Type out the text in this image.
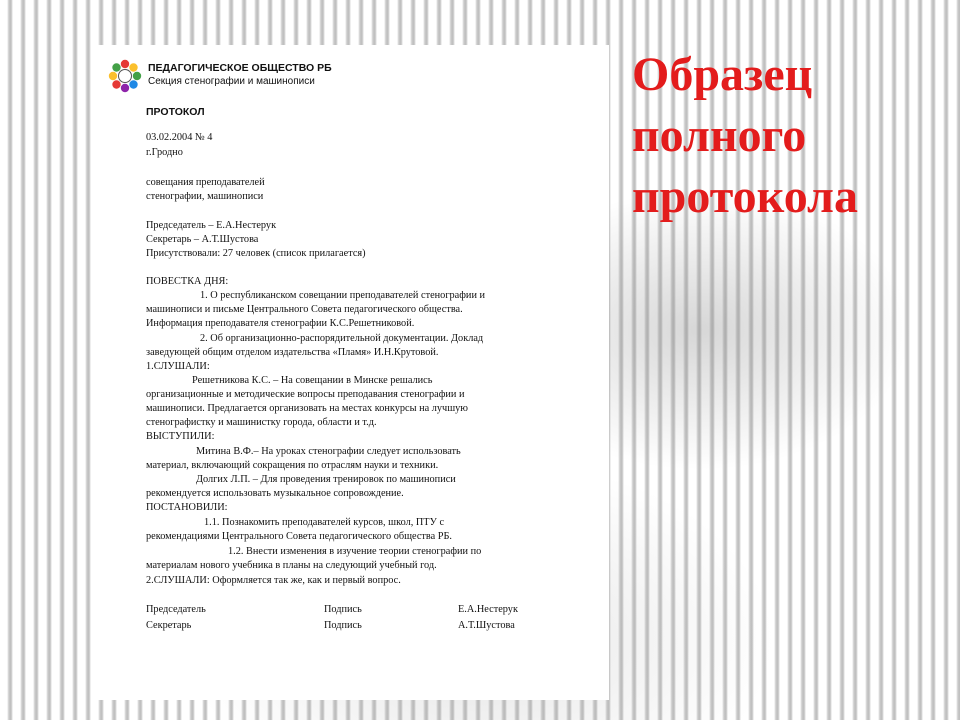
ПЕДАГОГИЧЕСКОЕ ОБЩЕСТВО РБ
Секция стенографии и машинописи
ПРОТОКОЛ
03.02.2004 № 4
г.Гродно
совещания преподавателей
стенографии, машинописи
Председатель – Е.А.Нестерук
Секретарь – А.Т.Шустова
Присутствовали: 27 человек (список прилагается)
ПОВЕСТКА ДНЯ:
1. О республиканском совещании преподавателей стенографии и
машинописи и письме Центрального Совета педагогического общества.
Информация преподавателя стенографии К.С.Решетниковой.
2. Об организационно-распорядительной документации. Доклад
заведующей общим отделом издательства «Пламя» И.Н.Крутовой.
1.СЛУШАЛИ:
Решетникова К.С. – На совещании в Минске решались
организационные и методические вопросы преподавания стенографии и
машинописи. Предлагается организовать на местах конкурсы на лучшую
стенографистку и машинистку города, области и т.д.
ВЫСТУПИЛИ:
Митина В.Ф.– На уроках стенографии следует использовать
материал, включающий сокращения по отраслям науки и техники.
Долгих Л.П. – Для проведения тренировок по машинописи
рекомендуется использовать музыкальное сопровождение.
ПОСТАНОВИЛИ:
1.1. Познакомить преподавателей курсов, школ, ПТУ с
рекомендациями Центрального Совета педагогического общества РБ.
1.2. Внести изменения в изучение теории стенографии по
материалам нового учебника в планы на следующий учебный год.
2.СЛУШАЛИ: Оформляется так же, как и первый вопрос.
Председатель	Подпись	Е.А.Нестерук
Секретарь	Подпись	А.Т.Шустова
Образец
полного
протокола
